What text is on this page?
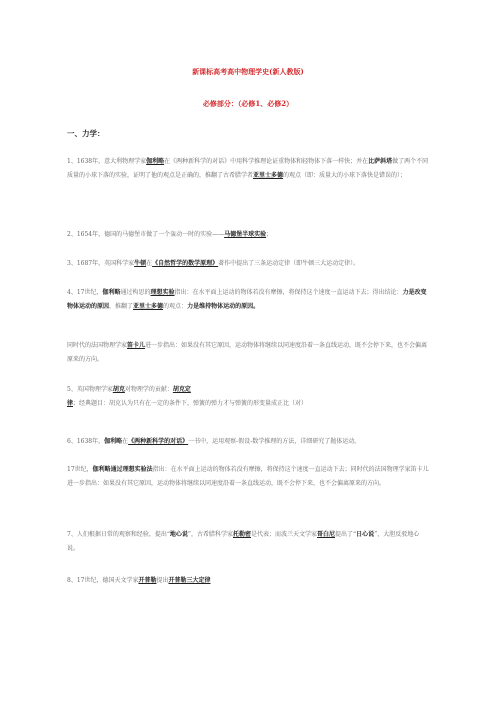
新课标高考高中物理学史(新人教版)
必修部分：（必修1、必修2）
一、力学：
1、1638年，意大利物理学家伽利略在《两种新科学的对话》中用科学推理论证重物体和轻物体下落一样快；并在比萨斜塔做了两个不同质量的小球下落的实验，证明了他的观点是正确的，推翻了古希腊学者亚里士多德的观点（即：质量大的小球下落快是错误的）；
2、1654年，德国的马德堡市做了一个轰动一时的实验——马德堡半球实验；
3、1687年，英国科学家牛顿在《自然哲学的数学原理》著作中提出了三条运动定律（即牛顿三大运动定律）。
4、17世纪，伽利略通过构思的理想实验指出：在水平面上运动的物体若没有摩擦，将保持这个速度一直运动下去；得出结论：力是改变物体运动的原因，推翻了亚里士多德的观点：力是维持物体运动的原因。
同时代的法国物理学家笛卡儿进一步指出：如果没有其它原因，运动物体将继续以同速度沿着一条直线运动，既不会停下来，也不会偏离原来的方向。
5、英国物理学家胡克对物理学的贡献：胡克定律；经典题目：胡克认为只有在一定的条件下，弹簧的弹力才与弹簧的形变量成正比（对）
6、1638年，伽利略在《两种新科学的对话》一书中，运用观察-假设-数学推理的方法，详细研究了抛体运动。
17世纪，伽利略通过理想实验法指出：在水平面上运动的物体若没有摩擦，将保持这个速度一直运动下去；同时代的法国物理学家笛卡儿进一步指出：如果没有其它原因，运动物体将继续以同速度沿着一条直线运动，既不会停下来，也不会偏离原来的方向。
7、人们根据日常的观察和经验，提出“地心说”，古希腊科学家托勒密是代表；而波兰天文学家哥白尼提出了“日心说”，大胆反驳地心说。
8、17世纪，德国天文学家开普勒提出开普勒三大定律
